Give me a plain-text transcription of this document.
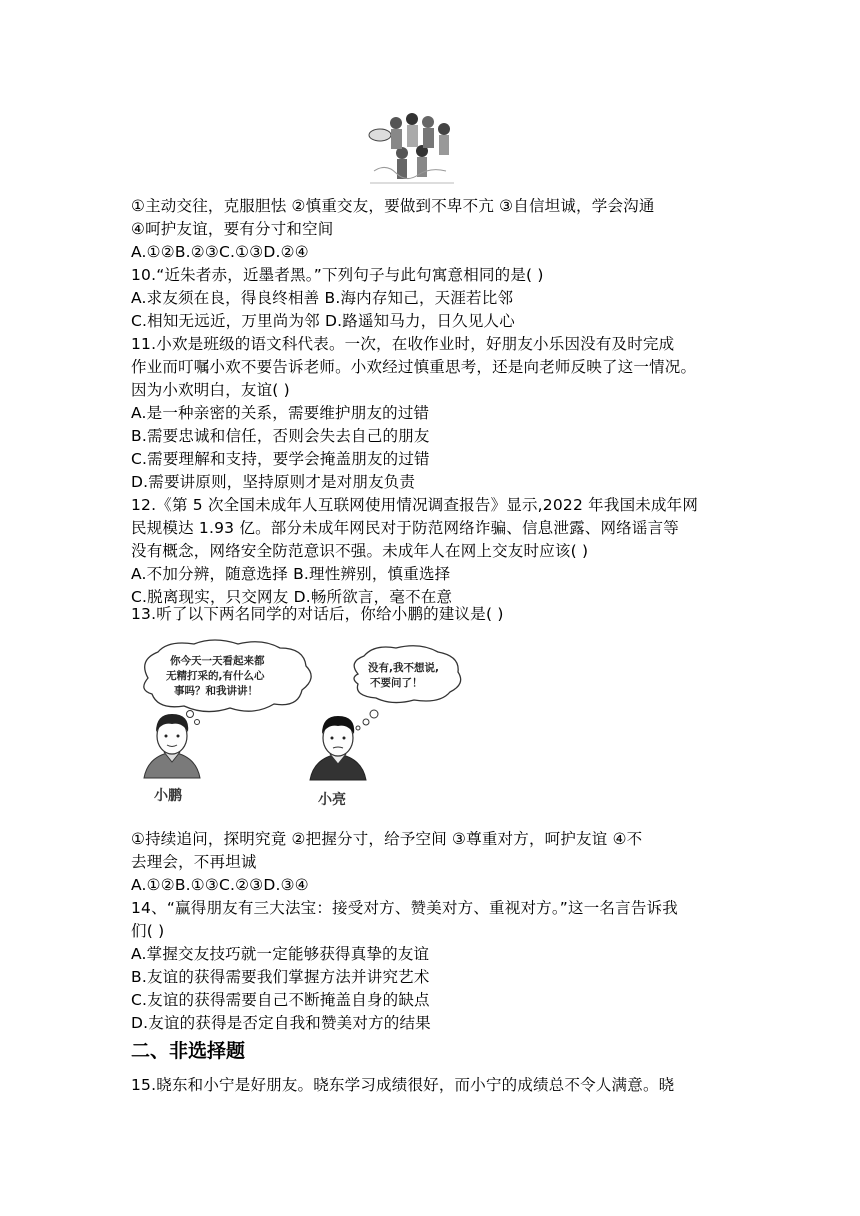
①主动交往，克服胆怯 ②慎重交友，要做到不卑不亢 ③自信坦诚，学会沟通
④呵护友谊，要有分寸和空间
A.①②B.②③C.①③D.②④
10.“近朱者赤，近墨者黑。”下列句子与此句寓意相同的是( )
A.求友须在良，得良终相善 B.海内存知己，天涯若比邻
C.相知无远近，万里尚为邻 D.路遥知马力，日久见人心
11.小欢是班级的语文科代表。一次，在收作业时，好朋友小乐因没有及时完成
作业而叮嘱小欢不要告诉老师。小欢经过慎重思考，还是向老师反映了这一情况。
因为小欢明白，友谊( )
A.是一种亲密的关系，需要维护朋友的过错
B.需要忠诚和信任，否则会失去自己的朋友
C.需要理解和支持，要学会掩盖朋友的过错
D.需要讲原则，坚持原则才是对朋友负责
12.《第 5 次全国未成年人互联网使用情况调查报告》显示,2022 年我国未成年网
民规模达 1.93 亿。部分未成年网民对于防范网络诈骗、信息泄露、网络谣言等
没有概念，网络安全防范意识不强。未成年人在网上交友时应该( )
A.不加分辨，随意选择 B.理性辨别，慎重选择
C.脱离现实，只交网友 D.畅所欲言，毫不在意
13.听了以下两名同学的对话后，你给小鹏的建议是( )
你今天一天看起来都
无精打采的,有什么心
事吗？和我讲讲！
没有,我不想说,
不要问了！
小鹏	小亮
①持续追问，探明究竟 ②把握分寸，给予空间 ③尊重对方，呵护友谊 ④不
去理会，不再坦诚
A.①②B.①③C.②③D.③④
14、“赢得朋友有三大法宝：接受对方、赞美对方、重视对方。”这一名言告诉我
们( )
A.掌握交友技巧就一定能够获得真挚的友谊
B.友谊的获得需要我们掌握方法并讲究艺术
C.友谊的获得需要自己不断掩盖自身的缺点
D.友谊的获得是否定自我和赞美对方的结果
二、非选择题
15.晓东和小宁是好朋友。晓东学习成绩很好，而小宁的成绩总不令人满意。晓
